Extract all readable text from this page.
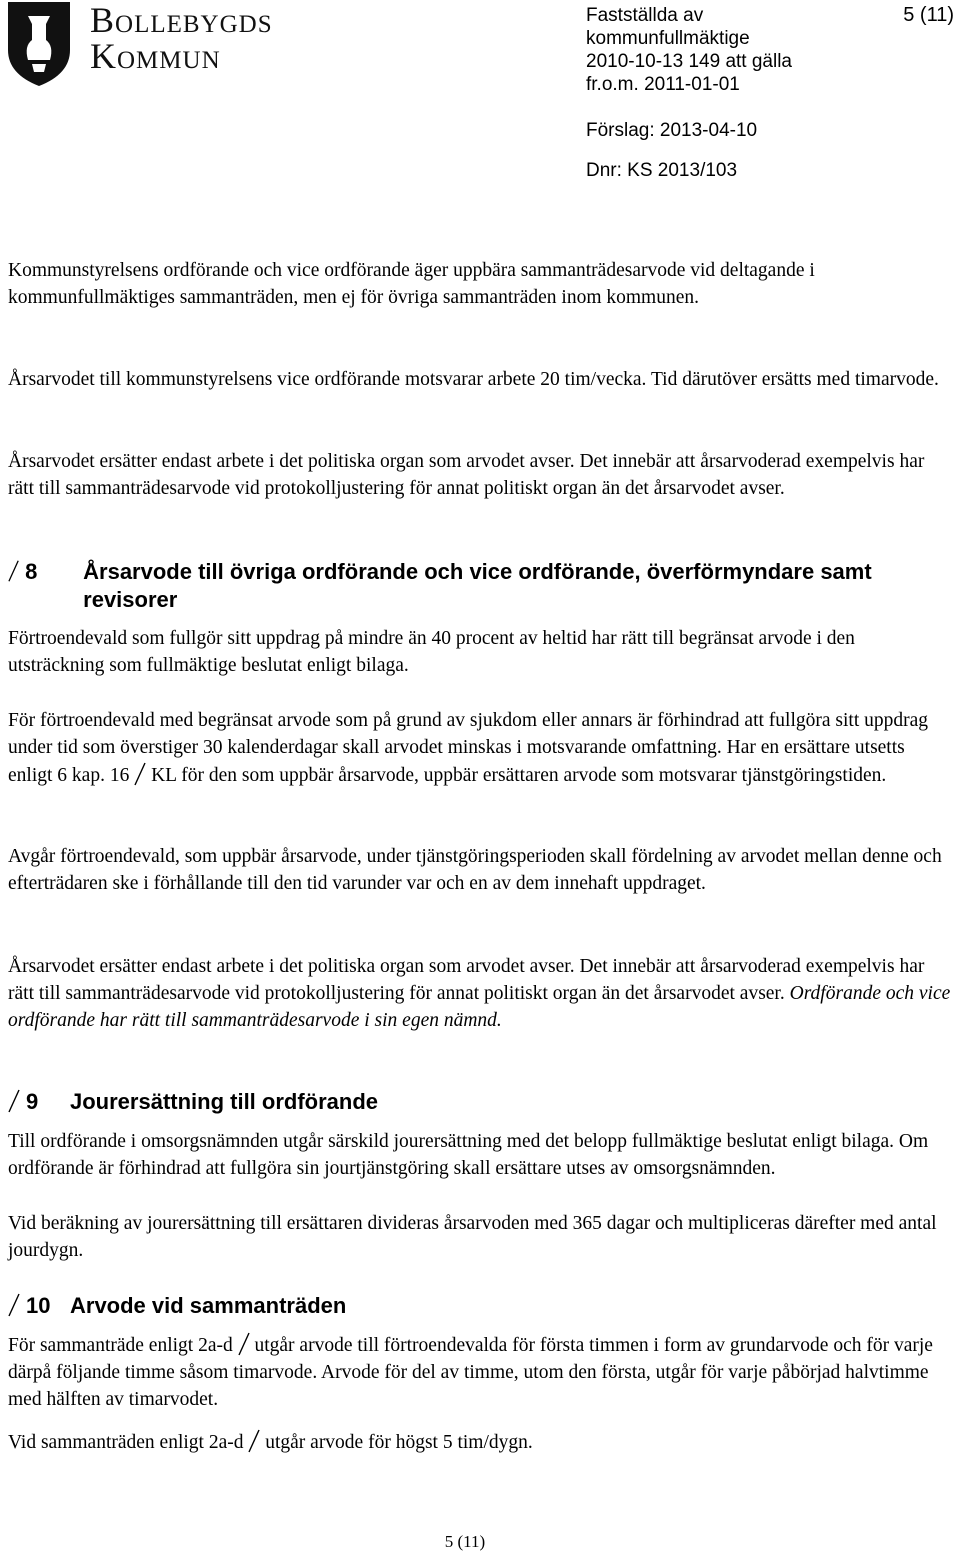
Bollebygds
Kommun
Fastställda av
kommunfullmäktige
2010-10-13 149 att gälla
fr.o.m. 2011-01-01
5 (11)
Förslag: 2013-04-10
Dnr: KS 2013/103

Kommunstyrelsens ordförande och vice ordförande äger uppbära sammanträdesarvode vid deltagande i kommunfullmäktiges sammanträden, men ej för övriga sammanträden inom kommunen.

Årsarvodet till kommunstyrelsens vice ordförande motsvarar arbete 20 tim/vecka. Tid därutöver ersätts med timarvode.

Årsarvodet ersätter endast arbete i det politiska organ som arvodet avser. Det innebär att årsarvoderad exempelvis har rätt till sammanträdesarvode vid protokolljustering för annat politiskt organ än det årsarvodet avser.

8	Årsarvode till övriga ordförande och vice ordförande, överförmyndare samt revisorer

Förtroendevald som fullgör sitt uppdrag på mindre än 40 procent av heltid har rätt till begränsat arvode i den utsträckning som fullmäktige beslutat enligt bilaga.

För förtroendevald med begränsat arvode som på grund av sjukdom eller annars är förhindrad att fullgöra sitt uppdrag under tid som överstiger 30 kalenderdagar skall arvodet minskas i motsvarande omfattning. Har en ersättare utsetts enligt 6 kap. 16 KL för den som uppbär årsarvode, uppbär ersättaren arvode som motsvarar tjänstgöringstiden.

Avgår förtroendevald, som uppbär årsarvode, under tjänstgöringsperioden skall fördelning av arvodet mellan denne och efterträdaren ske i förhållande till den tid varunder var och en av dem innehaft uppdraget.

Årsarvodet ersätter endast arbete i det politiska organ som arvodet avser. Det innebär att årsarvoderad exempelvis har rätt till sammanträdesarvode vid protokolljustering för annat politiskt organ än det årsarvodet avser. Ordförande och vice ordförande har rätt till sammanträdesarvode i sin egen nämnd.

9	Jourersättning till ordförande

Till ordförande i omsorgsnämnden utgår särskild jourersättning med det belopp fullmäktige beslutat enligt bilaga. Om ordförande är förhindrad att fullgöra sin jourtjänstgöring skall ersättare utses av omsorgsnämnden.

Vid beräkning av jourersättning till ersättaren divideras årsarvoden med 365 dagar och multipliceras därefter med antal jourdygn.

10 Arvode vid sammanträden

För sammanträde enligt 2a-d utgår arvode till förtroendevalda för första timmen i form av grundarvode och för varje därpå följande timme såsom timarvode. Arvode för del av timme, utom den första, utgår för varje påbörjad halvtimme med hälften av timarvodet.

Vid sammanträden enligt 2a-d utgår arvode för högst 5 tim/dygn.

5 (11)
